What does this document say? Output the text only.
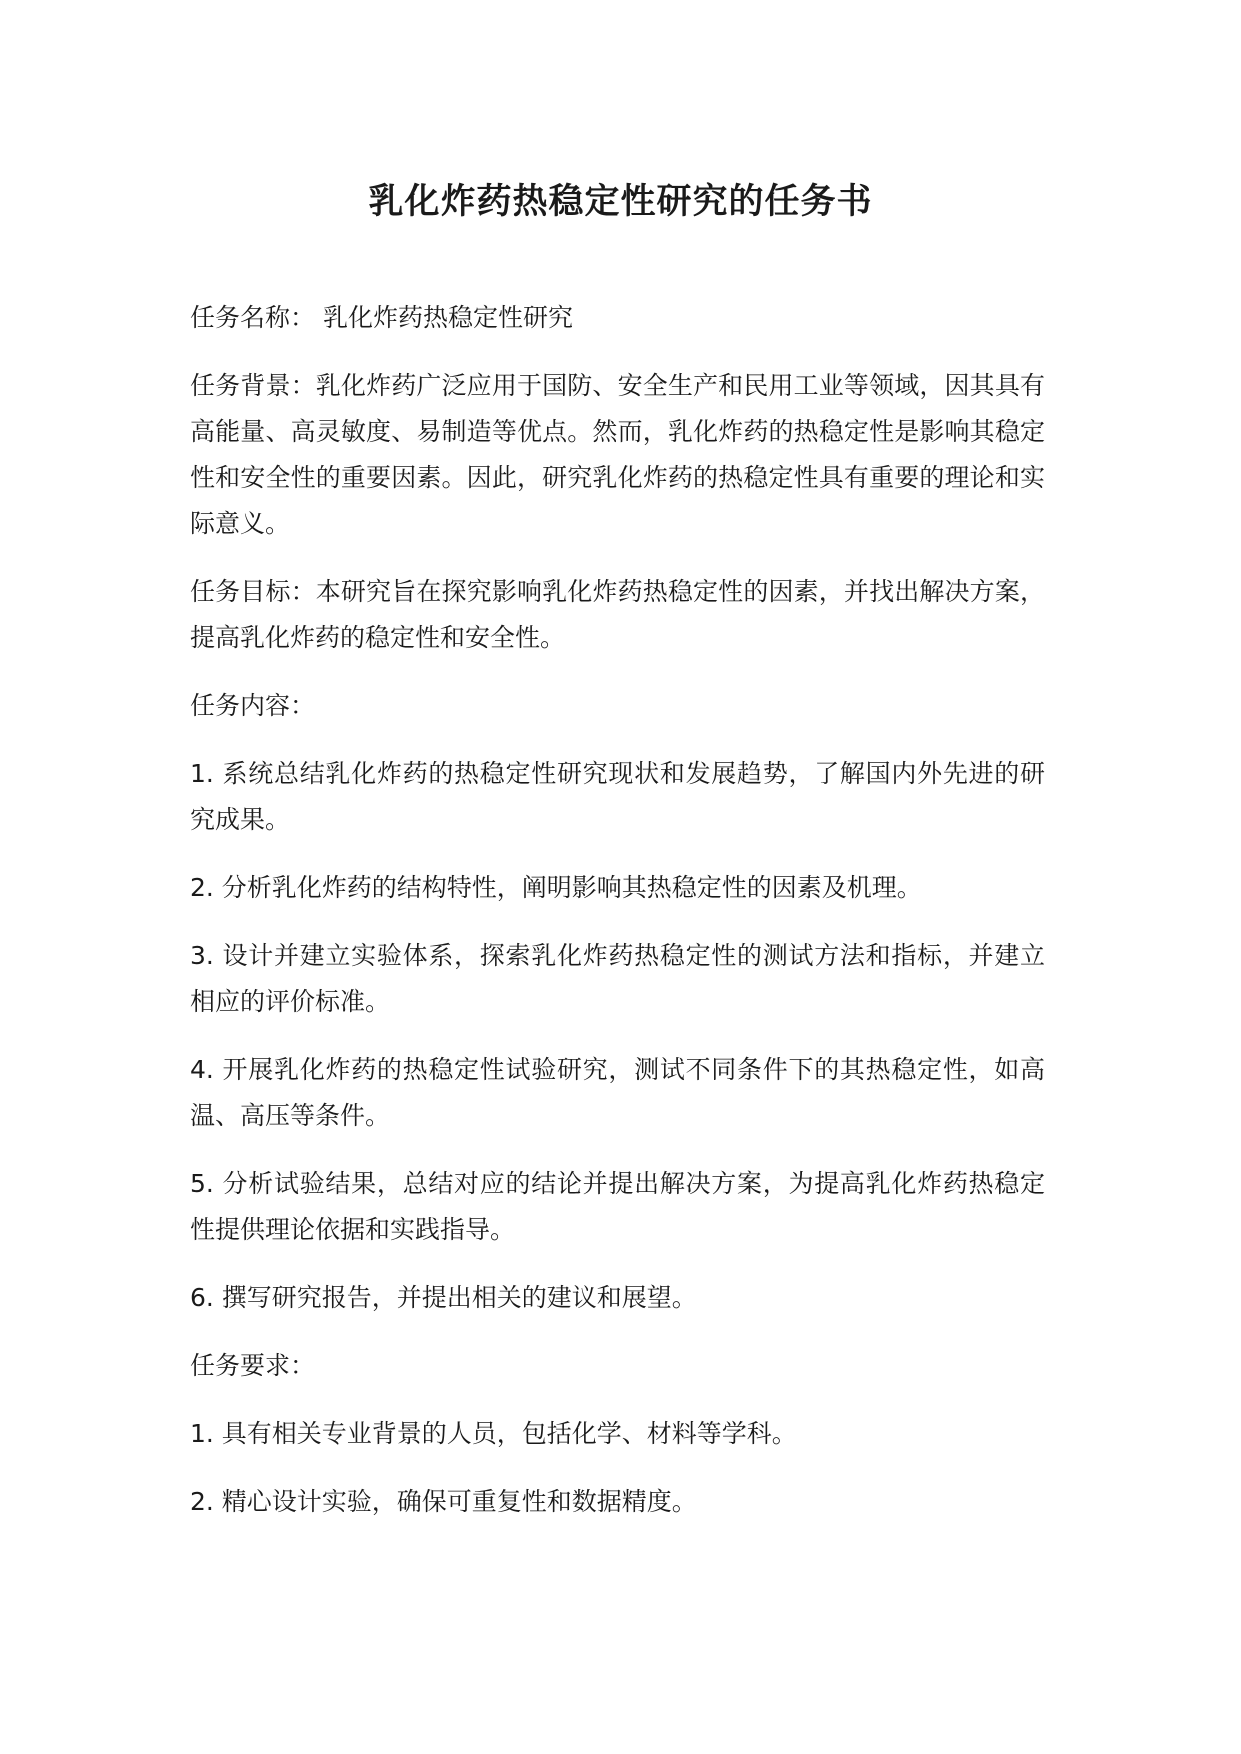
乳化炸药热稳定性研究的任务书

任务名称： 乳化炸药热稳定性研究

任务背景：乳化炸药广泛应用于国防、安全生产和民用工业等领域，因其具有高能量、高灵敏度、易制造等优点。然而，乳化炸药的热稳定性是影响其稳定性和安全性的重要因素。因此，研究乳化炸药的热稳定性具有重要的理论和实际意义。

任务目标：本研究旨在探究影响乳化炸药热稳定性的因素，并找出解决方案，提高乳化炸药的稳定性和安全性。

任务内容：

1. 系统总结乳化炸药的热稳定性研究现状和发展趋势，了解国内外先进的研究成果。

2. 分析乳化炸药的结构特性，阐明影响其热稳定性的因素及机理。

3. 设计并建立实验体系，探索乳化炸药热稳定性的测试方法和指标，并建立相应的评价标准。

4. 开展乳化炸药的热稳定性试验研究，测试不同条件下的其热稳定性，如高温、高压等条件。

5. 分析试验结果，总结对应的结论并提出解决方案，为提高乳化炸药热稳定性提供理论依据和实践指导。

6. 撰写研究报告，并提出相关的建议和展望。

任务要求：

1. 具有相关专业背景的人员，包括化学、材料等学科。

2. 精心设计实验，确保可重复性和数据精度。
